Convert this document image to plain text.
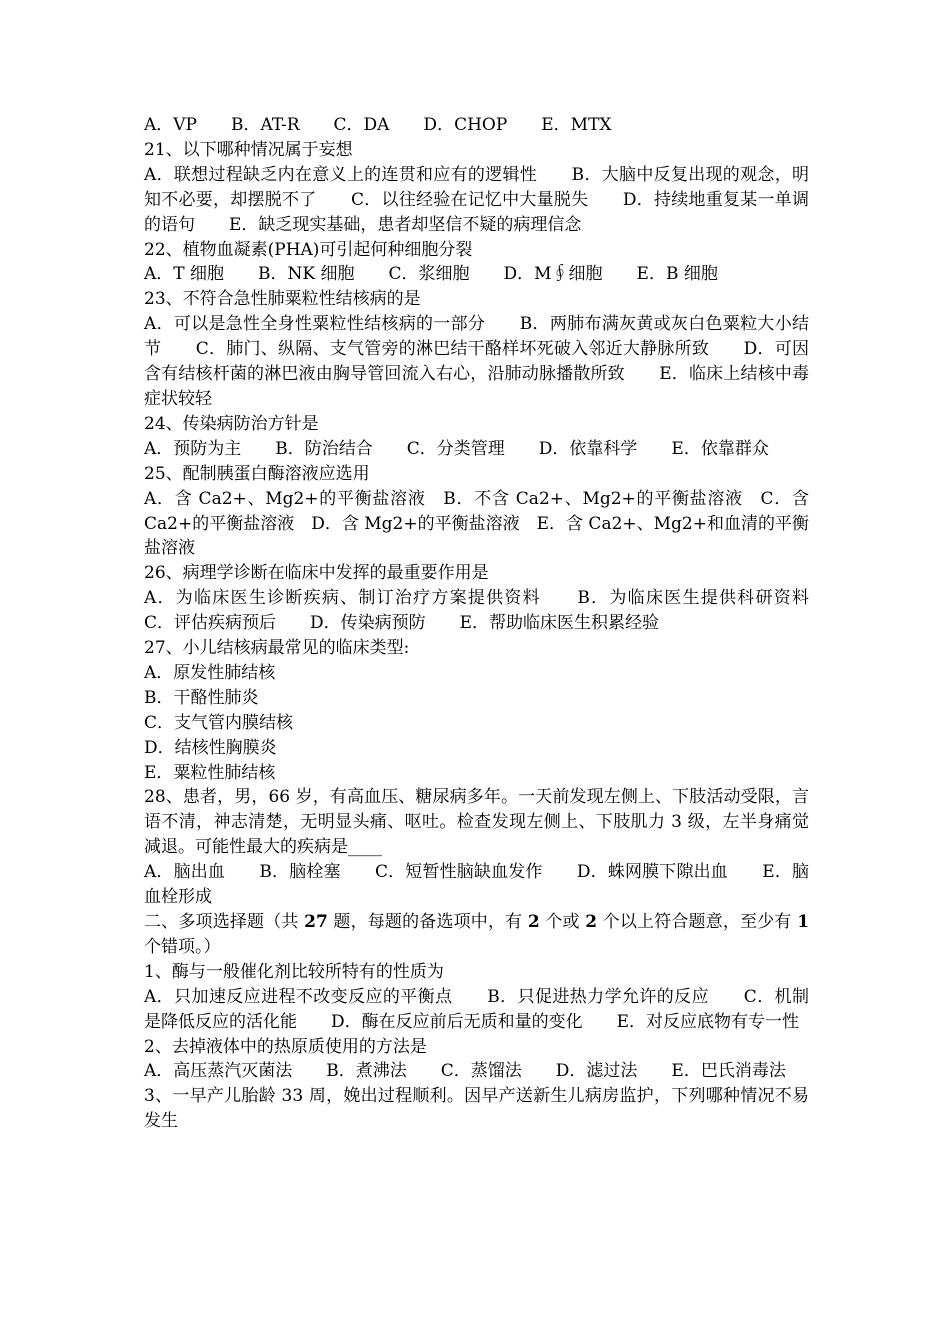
A．VP　　B．AT-R　　C．DA　　D．CHOP　　E．MTX

21、以下哪种情况属于妄想

A．联想过程缺乏内在意义上的连贯和应有的逻辑性　　B．大脑中反复出现的观念，明知不必要，却摆脱不了　　C．以往经验在记忆中大量脱失　　D．持续地重复某一单调的语句　　E．缺乏现实基础，患者却坚信不疑的病理信念

22、植物血凝素(PHA)可引起何种细胞分裂

A．T 细胞　　B．NK 细胞　　C．浆细胞　　D．M∮细胞　　E．B 细胞

23、不符合急性肺粟粒性结核病的是

A．可以是急性全身性粟粒性结核病的一部分　　B．两肺布满灰黄或灰白色粟粒大小结节　　C．肺门、纵隔、支气管旁的淋巴结干酪样坏死破入邻近大静脉所致　　D．可因含有结核杆菌的淋巴液由胸导管回流入右心，沿肺动脉播散所致　　E．临床上结核中毒症状较轻

24、传染病防治方针是

A．预防为主　　B．防治结合　　C．分类管理　　D．依靠科学　　E．依靠群众

25、配制胰蛋白酶溶液应选用

A．含 Ca2+、Mg2+的平衡盐溶液　B．不含 Ca2+、Mg2+的平衡盐溶液　C．含 Ca2+的平衡盐溶液　D．含 Mg2+的平衡盐溶液　E．含 Ca2+、Mg2+和血清的平衡盐溶液

26、病理学诊断在临床中发挥的最重要作用是

A．为临床医生诊断疾病、制订治疗方案提供资料　　B．为临床医生提供科研资料　　C．评估疾病预后　　D．传染病预防　　E．帮助临床医生积累经验

27、小儿结核病最常见的临床类型:

A．原发性肺结核

B．干酪性肺炎

C．支气管内膜结核

D．结核性胸膜炎

E．粟粒性肺结核

28、患者，男，66 岁，有高血压、糖尿病多年。一天前发现左侧上、下肢活动受限，言语不清，神志清楚，无明显头痛、呕吐。检查发现左侧上、下肢肌力 3 级，左半身痛觉减退。可能性最大的疾病是____

A．脑出血　　B．脑栓塞　　C．短暂性脑缺血发作　　D．蛛网膜下隙出血　　E．脑血栓形成

二、多项选择题（共 27 题，每题的备选项中，有 2 个或 2 个以上符合题意，至少有 1 个错项。）

1、酶与一般催化剂比较所特有的性质为

A．只加速反应进程不改变反应的平衡点　　B．只促进热力学允许的反应　　C．机制是降低反应的活化能　　D．酶在反应前后无质和量的变化　　E．对反应底物有专一性

2、去掉液体中的热原质使用的方法是

A．高压蒸汽灭菌法　　B．煮沸法　　C．蒸馏法　　D．滤过法　　E．巴氏消毒法

3、一早产儿胎龄 33 周，娩出过程顺利。因早产送新生儿病房监护，下列哪种情况不易发生
